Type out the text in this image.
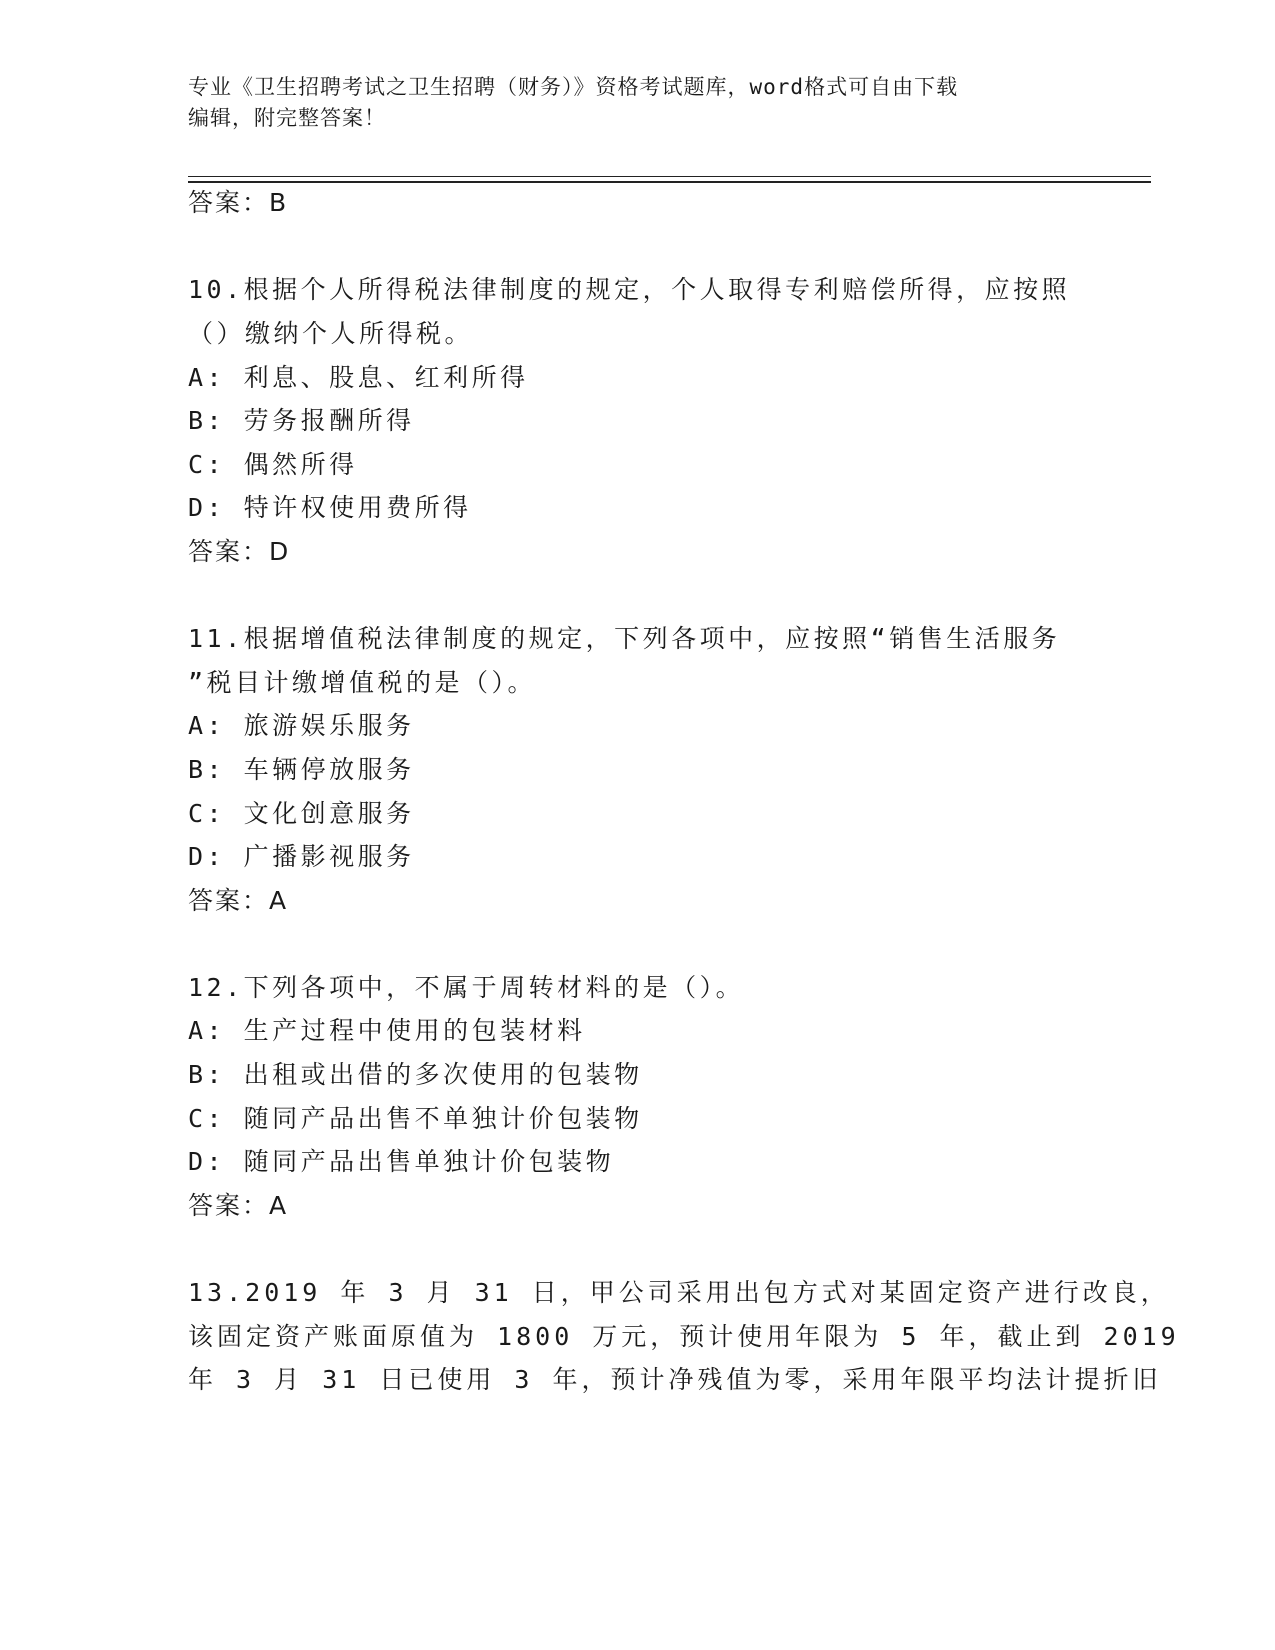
专业《卫生招聘考试之卫生招聘（财务）》资格考试题库，word格式可自由下载
编辑，附完整答案！
答案：B
10.根据个人所得税法律制度的规定，个人取得专利赔偿所得，应按照
（）缴纳个人所得税。
A: 利息、股息、红利所得
B: 劳务报酬所得
C: 偶然所得
D: 特许权使用费所得
答案：D
11.根据增值税法律制度的规定，下列各项中，应按照“销售生活服务
”税目计缴增值税的是（）。
A: 旅游娱乐服务
B: 车辆停放服务
C: 文化创意服务
D: 广播影视服务
答案：A
12.下列各项中，不属于周转材料的是（）。
A: 生产过程中使用的包装材料
B: 出租或出借的多次使用的包装物
C: 随同产品出售不单独计价包装物
D: 随同产品出售单独计价包装物
答案：A
13.2019 年 3 月 31 日，甲公司采用出包方式对某固定资产进行改良，
该固定资产账面原值为 1800 万元，预计使用年限为 5 年，截止到 2019
年 3 月 31 日已使用 3 年，预计净残值为零，采用年限平均法计提折旧
